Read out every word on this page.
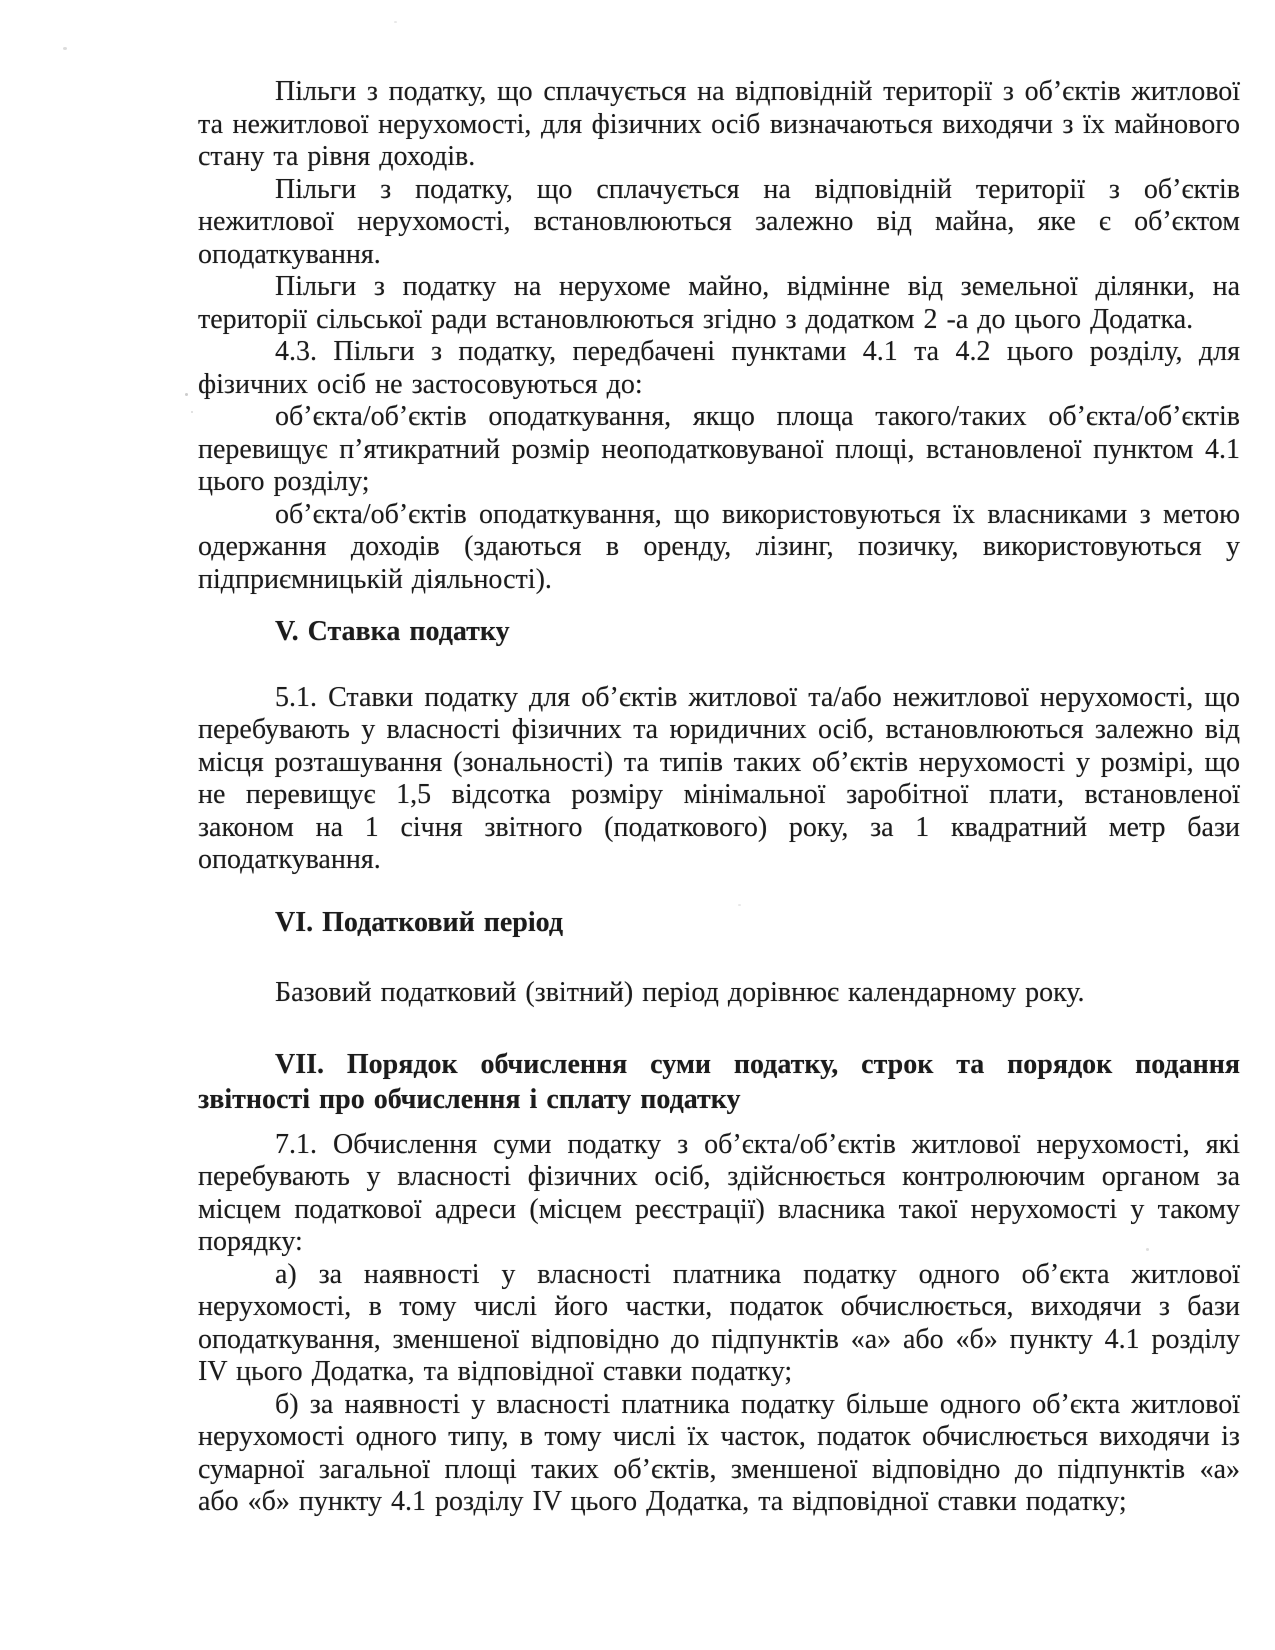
Пільги з податку, що сплачується на відповідній території з об’єктів житлової та нежитлової нерухомості, для фізичних осіб визначаються виходячи з їх майнового стану та рівня доходів.

Пільги з податку, що сплачується на відповідній території з об’єктів нежитлової нерухомості, встановлюються залежно від майна, яке є об’єктом оподаткування.

Пільги з податку на нерухоме майно, відмінне від земельної ділянки, на території сільської ради встановлюються згідно з додатком 2 -а до цього Додатка.

4.3. Пільги з податку, передбачені пунктами 4.1 та 4.2 цього розділу, для фізичних осіб не застосовуються до:

об’єкта/об’єктів оподаткування, якщо площа такого/таких об’єкта/об’єктів перевищує п’ятикратний розмір неоподатковуваної площі, встановленої пунктом 4.1 цього розділу;

об’єкта/об’єктів оподаткування, що використовуються їх власниками з метою одержання доходів (здаються в оренду, лізинг, позичку, використовуються у підприємницькій діяльності).

V. Ставка податку

5.1. Ставки податку для об’єктів житлової та/або нежитлової нерухомості, що перебувають у власності фізичних та юридичних осіб, встановлюються залежно від місця розташування (зональності) та типів таких об’єктів нерухомості у розмірі, що не перевищує 1,5 відсотка розміру мінімальної заробітної плати, встановленої законом на 1 січня звітного (податкового) року, за 1 квадратний метр бази оподаткування.

VI. Податковий період

Базовий податковий (звітний) період дорівнює календарному року.

VII. Порядок обчислення суми податку, строк та порядок подання звітності про обчислення і сплату податку

7.1. Обчислення суми податку з об’єкта/об’єктів житлової нерухомості, які перебувають у власності фізичних осіб, здійснюється контролюючим органом за місцем податкової адреси (місцем реєстрації) власника такої нерухомості у такому порядку:

а) за наявності у власності платника податку одного об’єкта житлової нерухомості, в тому числі його частки, податок обчислюється, виходячи з бази оподаткування, зменшеної відповідно до підпунктів «а» або «б» пункту 4.1 розділу IV цього Додатка, та відповідної ставки податку;

б) за наявності у власності платника податку більше одного об’єкта житлової нерухомості одного типу, в тому числі їх часток, податок обчислюється виходячи із сумарної загальної площі таких об’єктів, зменшеної відповідно до підпунктів «а» або «б» пункту 4.1 розділу IV цього Додатка, та відповідної ставки податку;
